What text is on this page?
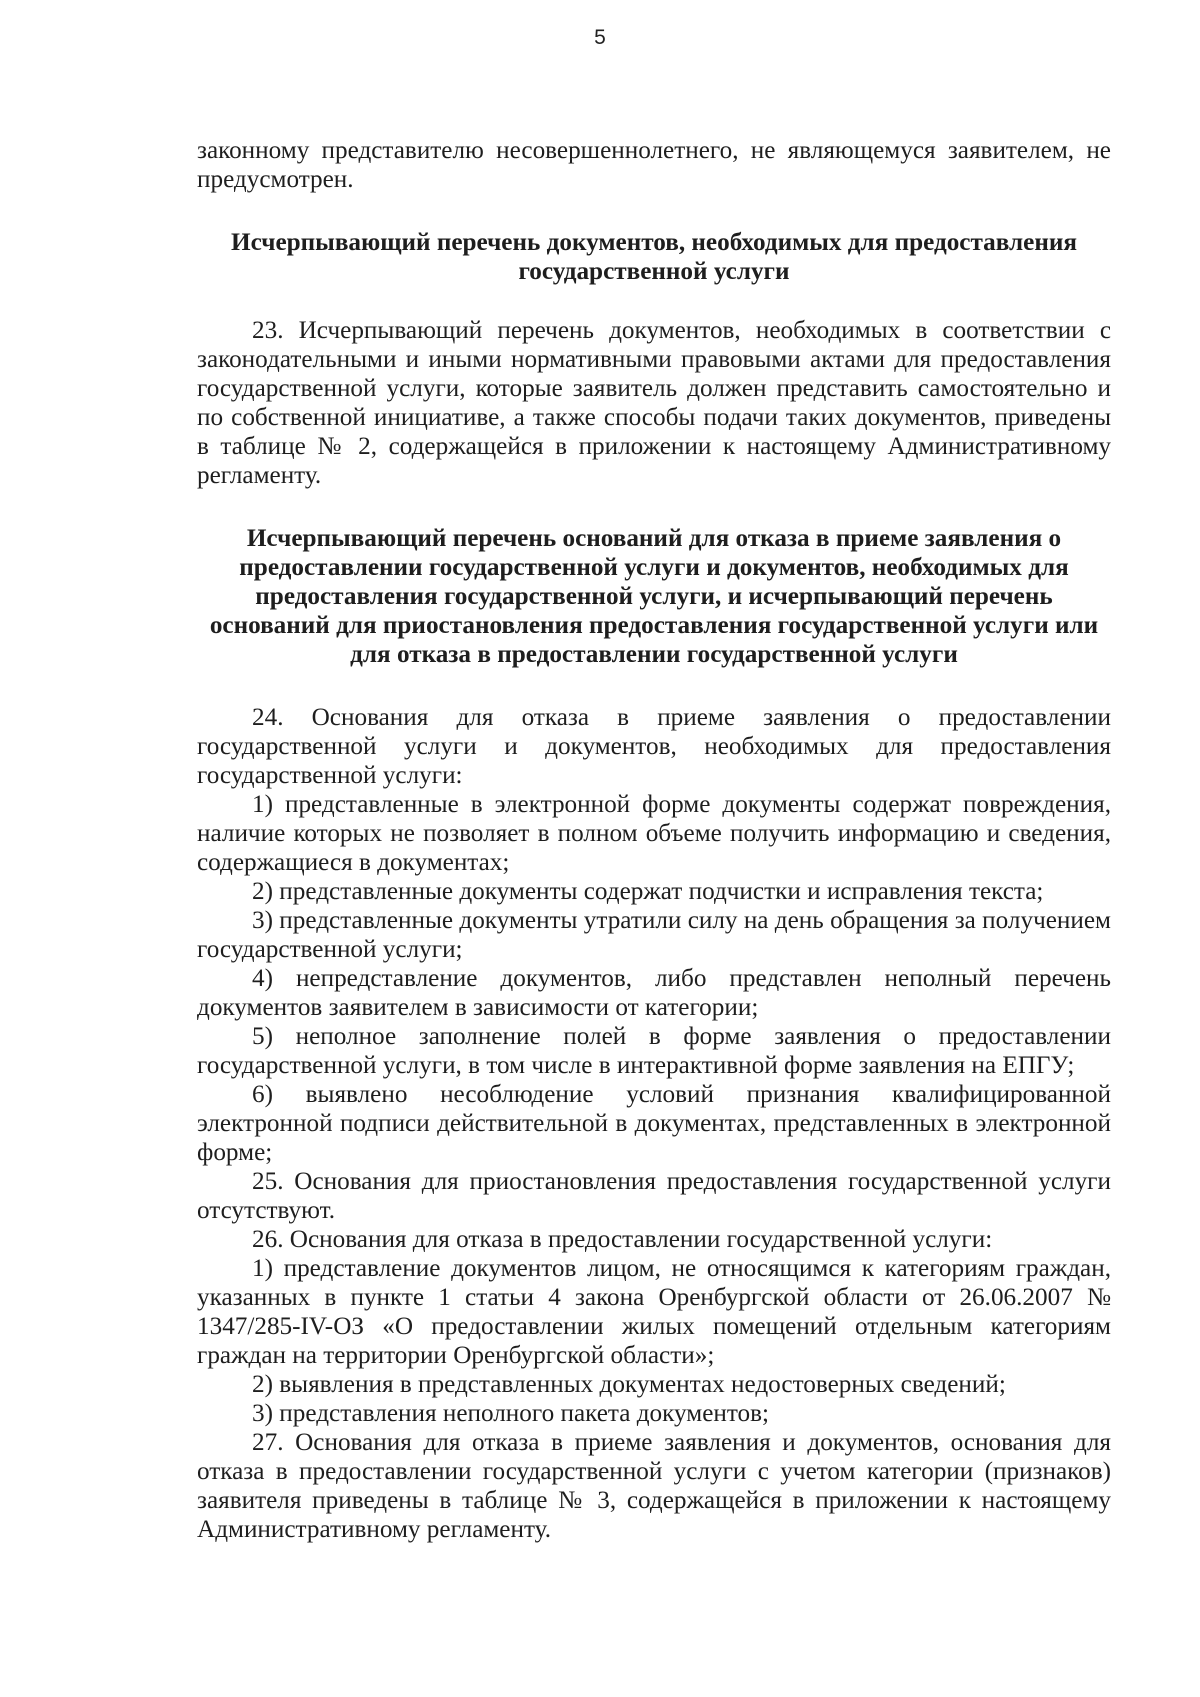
5

законному представителю несовершеннолетнего, не являющемуся заявителем, не предусмотрен.

Исчерпывающий перечень документов, необходимых для предоставления государственной услуги

23. Исчерпывающий перечень документов, необходимых в соответствии с законодательными и иными нормативными правовыми актами для предоставления государственной услуги, которые заявитель должен представить самостоятельно и по собственной инициативе, а также способы подачи таких документов, приведены в таблице № 2, содержащейся в приложении к настоящему Административному регламенту.

Исчерпывающий перечень оснований для отказа в приеме заявления о предоставлении государственной услуги и документов, необходимых для предоставления государственной услуги, и исчерпывающий перечень оснований для приостановления предоставления государственной услуги или для отказа в предоставлении государственной услуги

24. Основания для отказа в приеме заявления о предоставлении государственной услуги и документов, необходимых для предоставления государственной услуги:

1) представленные в электронной форме документы содержат повреждения, наличие которых не позволяет в полном объеме получить информацию и сведения, содержащиеся в документах;

2) представленные документы содержат подчистки и исправления текста;

3) представленные документы утратили силу на день обращения за получением государственной услуги;

4) непредставление документов, либо представлен неполный перечень документов заявителем в зависимости от категории;

5) неполное заполнение полей в форме заявления о предоставлении государственной услуги, в том числе в интерактивной форме заявления на ЕПГУ;

6) выявлено несоблюдение условий признания квалифицированной электронной подписи действительной в документах, представленных в электронной форме;

25. Основания для приостановления предоставления государственной услуги отсутствуют.

26. Основания для отказа в предоставлении государственной услуги:

1) представление документов лицом, не относящимся к категориям граждан, указанных в пункте 1 статьи 4 закона Оренбургской области от 26.06.2007 № 1347/285-IV-ОЗ «О предоставлении жилых помещений отдельным категориям граждан на территории Оренбургской области»;

2) выявления в представленных документах недостоверных сведений;

3) представления неполного пакета документов;

27. Основания для отказа в приеме заявления и документов, основания для отказа в предоставлении государственной услуги с учетом категории (признаков) заявителя приведены в таблице № 3, содержащейся в приложении к настоящему Административному регламенту.
